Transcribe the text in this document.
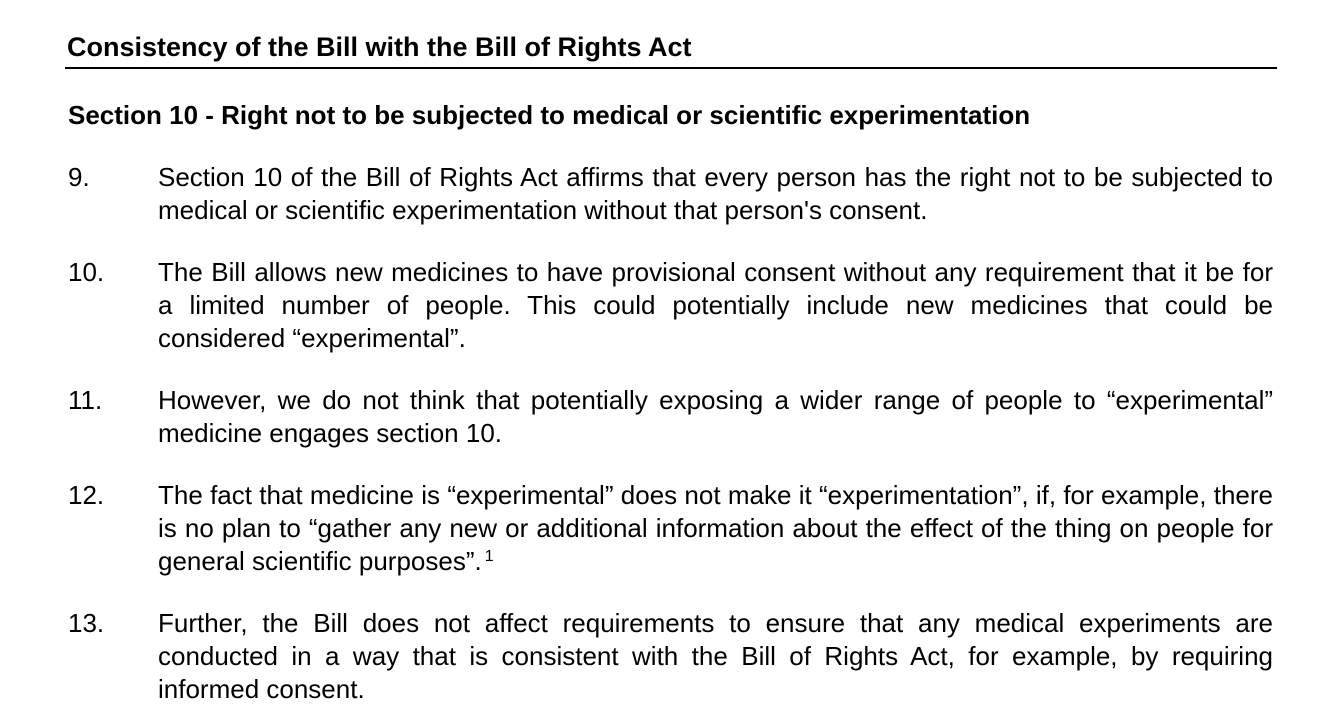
Consistency of the Bill with the Bill of Rights Act
Section 10 - Right not to be subjected to medical or scientific experimentation
9.	Section 10 of the Bill of Rights Act affirms that every person has the right not to be subjected to medical or scientific experimentation without that person's consent.
10.	The Bill allows new medicines to have provisional consent without any requirement that it be for a limited number of people. This could potentially include new medicines that could be considered “experimental”.
11.	However, we do not think that potentially exposing a wider range of people to “experimental” medicine engages section 10.
12.	The fact that medicine is “experimental” does not make it “experimentation”, if, for example, there is no plan to “gather any new or additional information about the effect of the thing on people for general scientific purposes”. $^1$
13.	Further, the Bill does not affect requirements to ensure that any medical experiments are conducted in a way that is consistent with the Bill of Rights Act, for example, by requiring informed consent.
